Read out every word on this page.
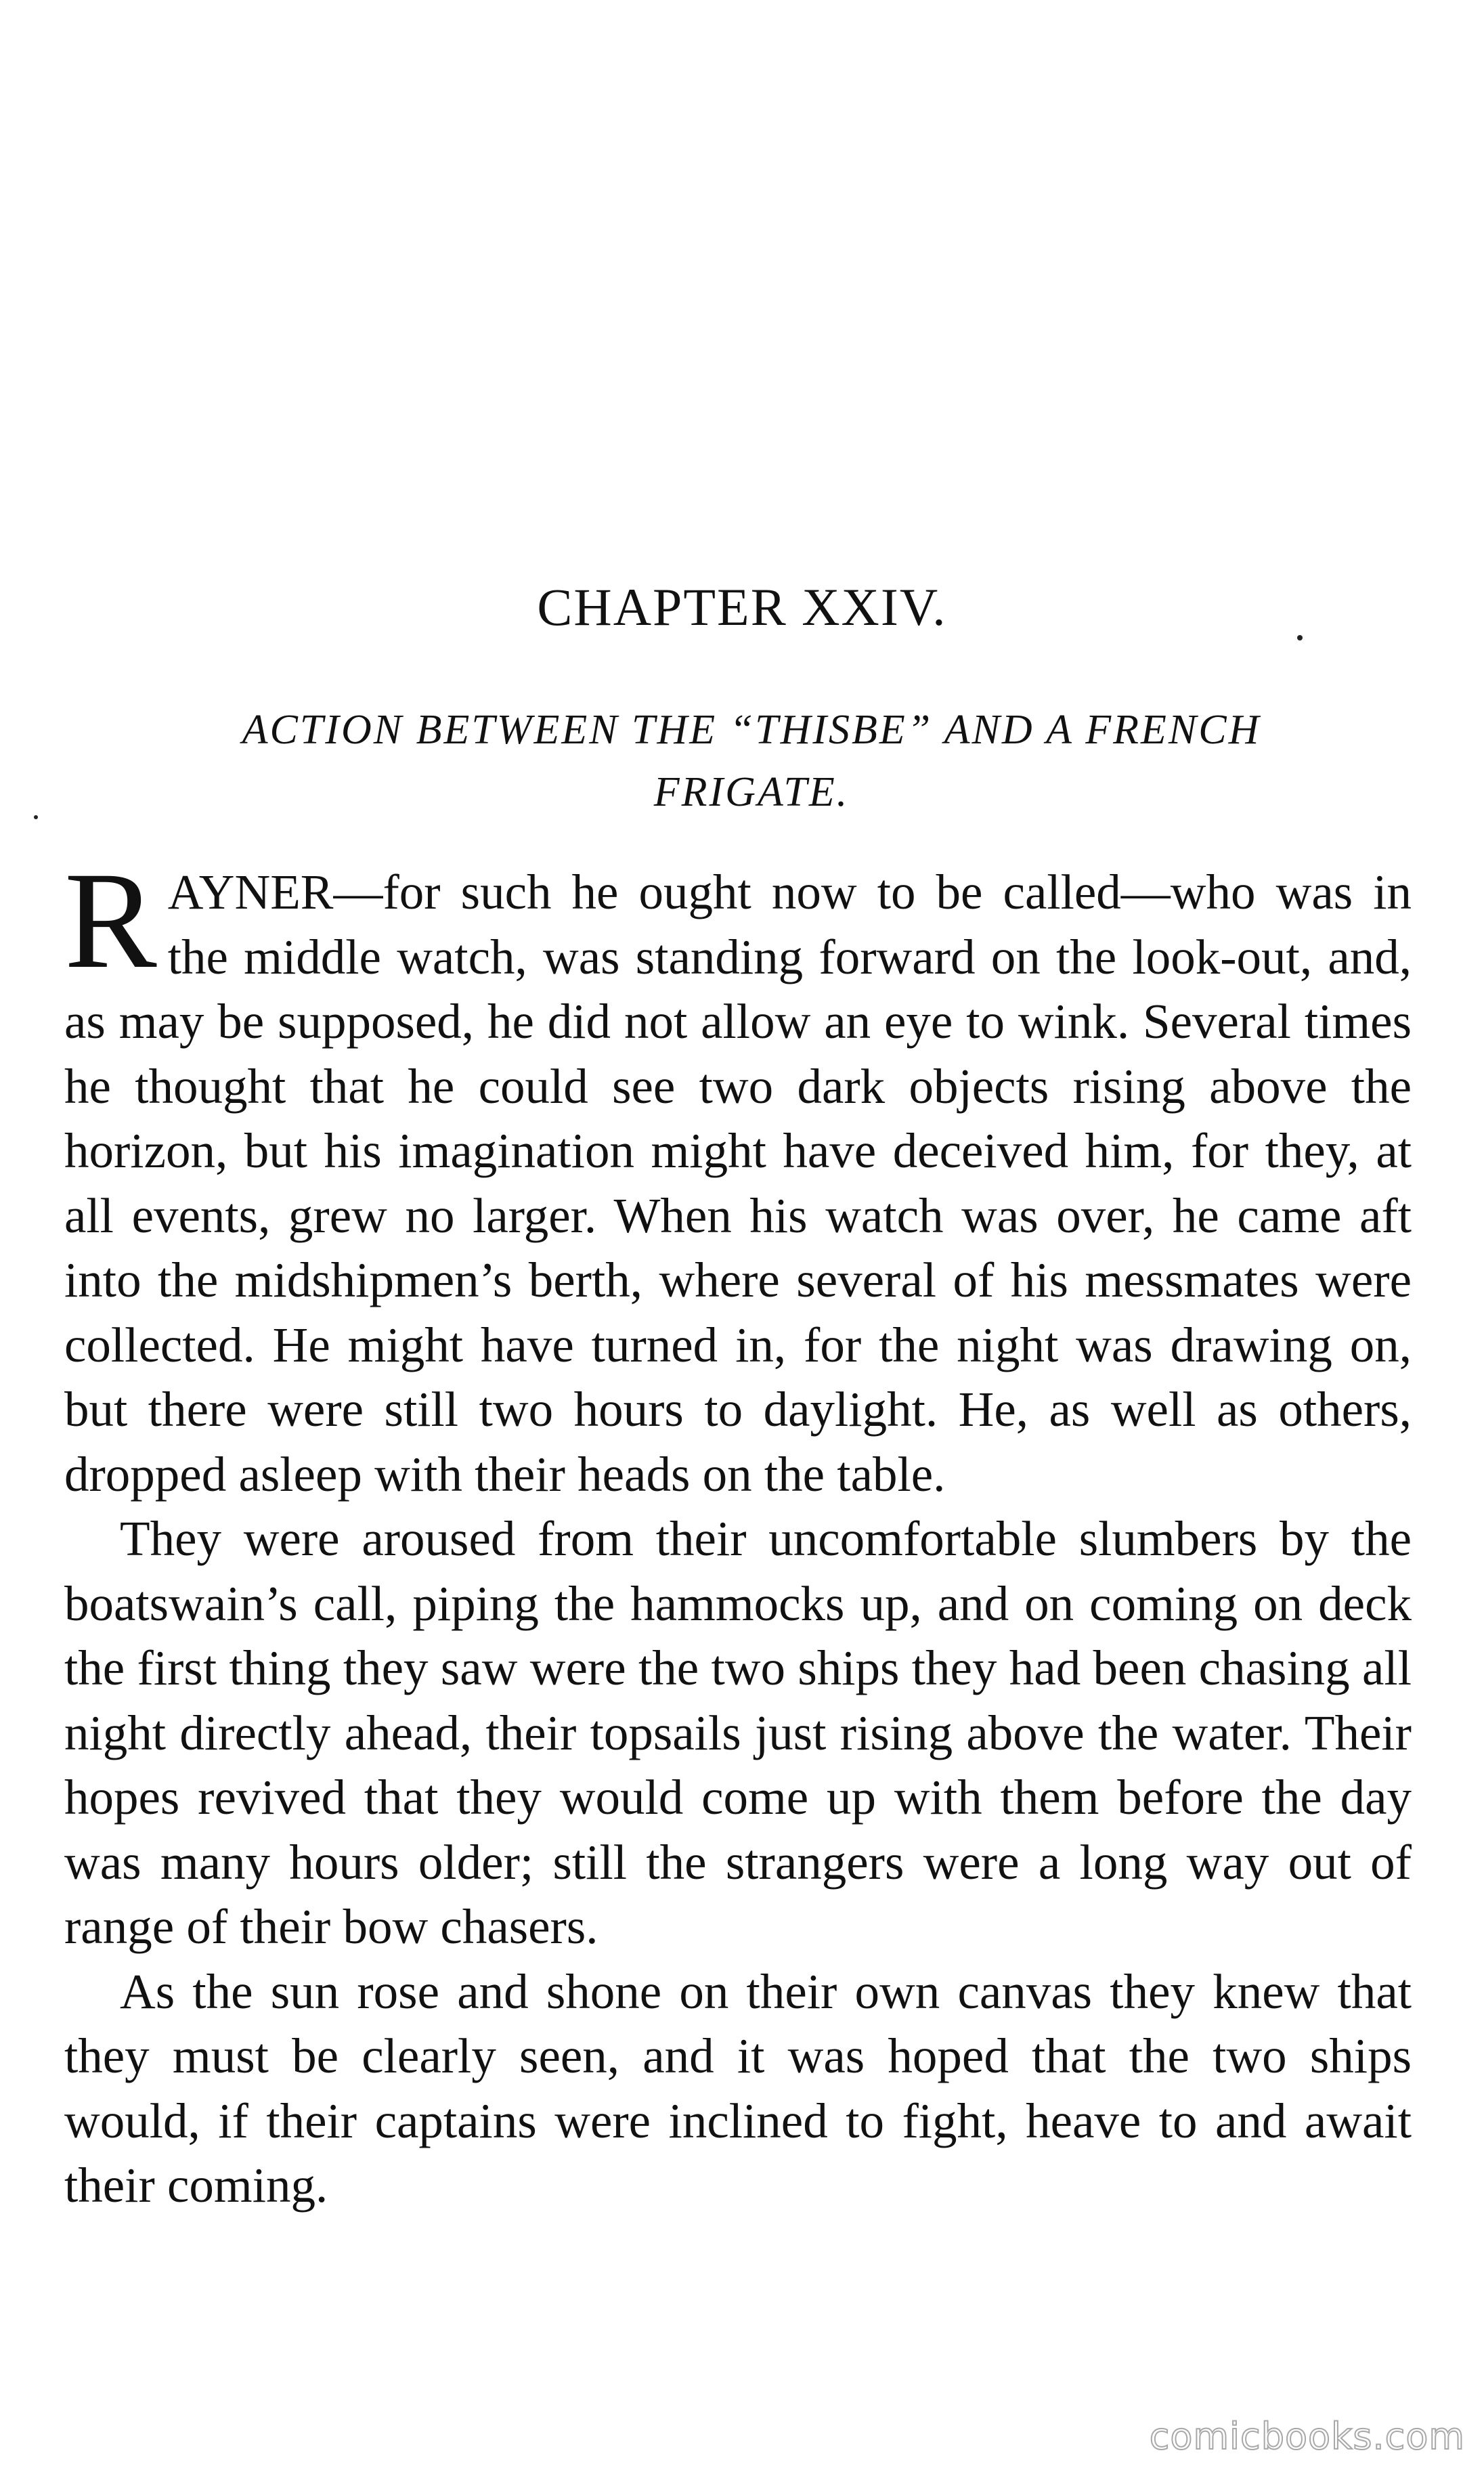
CHAPTER XXIV.
ACTION BETWEEN THE “THISBE” AND A FRENCH
FRIGATE.

RAYNER—for such he ought now to be called—who was in the middle watch, was standing forward on the look-out, and, as may be supposed, he did not allow an eye to wink. Several times he thought that he could see two dark objects rising above the horizon, but his imagination might have deceived him, for they, at all events, grew no larger. When his watch was over, he came aft into the midshipmen’s berth, where several of his messmates were collected. He might have turned in, for the night was drawing on, but there were still two hours to daylight. He, as well as others, dropped asleep with their heads on the table.

They were aroused from their uncomfortable slumbers by the boatswain’s call, piping the hammocks up, and on coming on deck the first thing they saw were the two ships they had been chasing all night directly ahead, their topsails just rising above the water. Their hopes revived that they would come up with them before the day was many hours older; still the strangers were a long way out of range of their bow chasers.

As the sun rose and shone on their own canvas they knew that they must be clearly seen, and it was hoped that the two ships would, if their captains were inclined to fight, heave to and await their coming.

comicbooks.com
